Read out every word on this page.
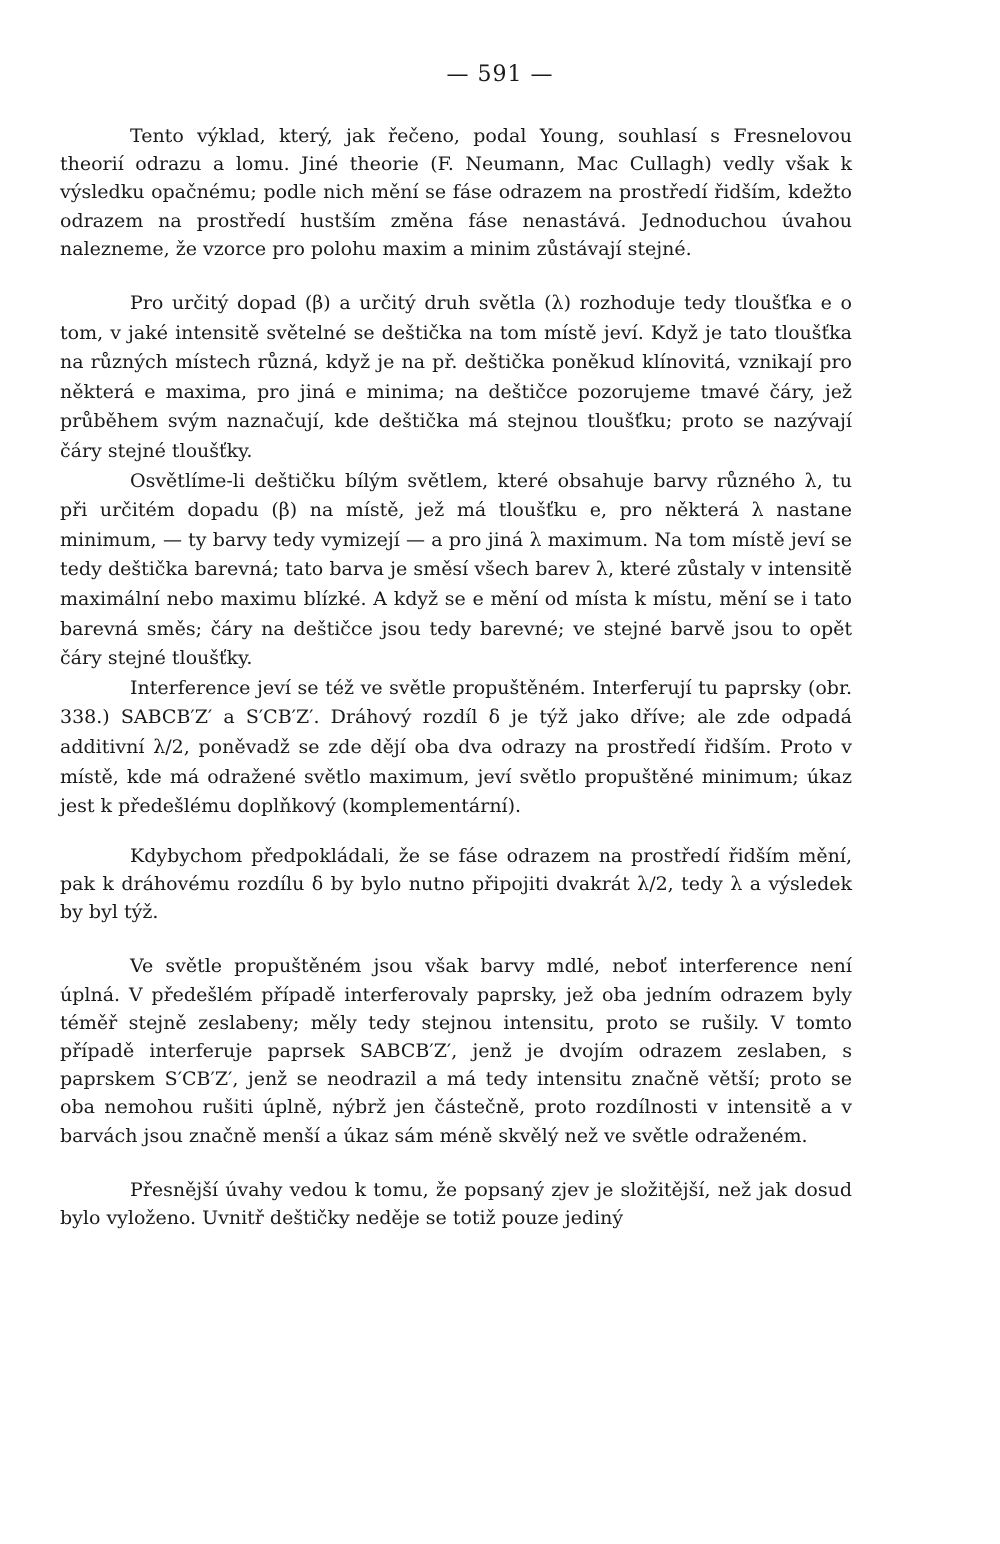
— 591 —

Tento výklad, který, jak řečeno, podal Young, souhlasí s Fresnelovou theorií odrazu a lomu. Jiné theorie (F. Neumann, Mac Cullagh) vedly však k výsledku opačnému; podle nich mění se fáse odrazem na prostředí řidším, kdežto odrazem na prostředí hustším změna fáse nenastává. Jednoduchou úvahou nalezneme, že vzorce pro polohu maxim a minim zůstávají stejné.

Pro určitý dopad (β) a určitý druh světla (λ) rozhoduje tedy tloušťka e o tom, v jaké intensitě světelné se deštička na tom místě jeví. Když je tato tloušťka na různých místech různá, když je na př. deštička poněkud klínovitá, vznikají pro některá e maxima, pro jiná e minima; na deštičce pozorujeme tmavé čáry, jež průběhem svým naznačují, kde deštička má stejnou tloušťku; proto se nazývají čáry stejné tloušťky.

Osvětlíme-li deštičku bílým světlem, které obsahuje barvy různého λ, tu při určitém dopadu (β) na místě, jež má tloušťku e, pro některá λ nastane minimum, — ty barvy tedy vymizejí — a pro jiná λ maximum. Na tom místě jeví se tedy deštička barevná; tato barva je směsí všech barev λ, které zůstaly v intensitě maximální nebo maximu blízké. A když se e mění od místa k místu, mění se i tato barevná směs; čáry na deštičce jsou tedy barevné; ve stejné barvě jsou to opět čáry stejné tloušťky.

Interference jeví se též ve světle propuštěném. Interferují tu paprsky (obr. 338.) SABCB′Z′ a S′CB′Z′. Dráhový rozdíl δ je týž jako dříve; ale zde odpadá additivní λ/2, poněvadž se zde dějí oba dva odrazy na prostředí řidším. Proto v místě, kde má odražené světlo maximum, jeví světlo propuštěné minimum; úkaz jest k předešlému doplňkový (komplementární).

Kdybychom předpokládali, že se fáse odrazem na prostředí řidším mění, pak k dráhovému rozdílu δ by bylo nutno připojiti dvakrát λ/2, tedy λ a výsledek by byl týž.

Ve světle propuštěném jsou však barvy mdlé, neboť interference není úplná. V předešlém případě interferovaly paprsky, jež oba jedním odrazem byly téměř stejně zeslabeny; měly tedy stejnou intensitu, proto se rušily. V tomto případě interferuje paprsek SABCB′Z′, jenž je dvojím odrazem zeslaben, s paprskem S′CB′Z′, jenž se neodrazil a má tedy intensitu značně větší; proto se oba nemohou rušiti úplně, nýbrž jen částečně, proto rozdílnosti v intensitě a v barvách jsou značně menší a úkaz sám méně skvělý než ve světle odraženém.

Přesnější úvahy vedou k tomu, že popsaný zjev je složitější, než jak dosud bylo vyloženo. Uvnitř deštičky neděje se totiž pouze jediný
